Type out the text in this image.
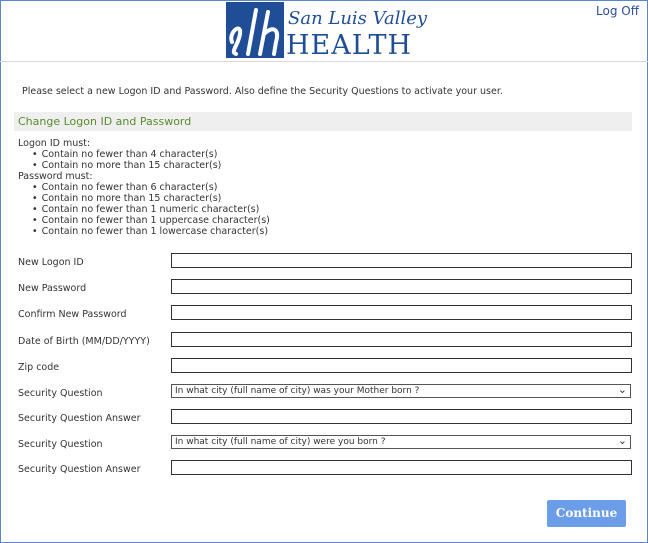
San Luis Valley
HEALTH
Log Off
Please select a new Logon ID and Password. Also define the Security Questions to activate your user.
Change Logon ID and Password
Logon ID must:
• Contain no fewer than 4 character(s)
• Contain no more than 15 character(s)
Password must:
• Contain no fewer than 6 character(s)
• Contain no more than 15 character(s)
• Contain no fewer than 1 numeric character(s)
• Contain no fewer than 1 uppercase character(s)
• Contain no fewer than 1 lowercase character(s)
New Logon ID
New Password
Confirm New Password
Date of Birth (MM/DD/YYYY)
Zip code
Security Question	In what city (full name of city) was your Mother born ?	⌄
Security Question Answer
Security Question	In what city (full name of city) were you born ?	⌄
Security Question Answer
Continue
